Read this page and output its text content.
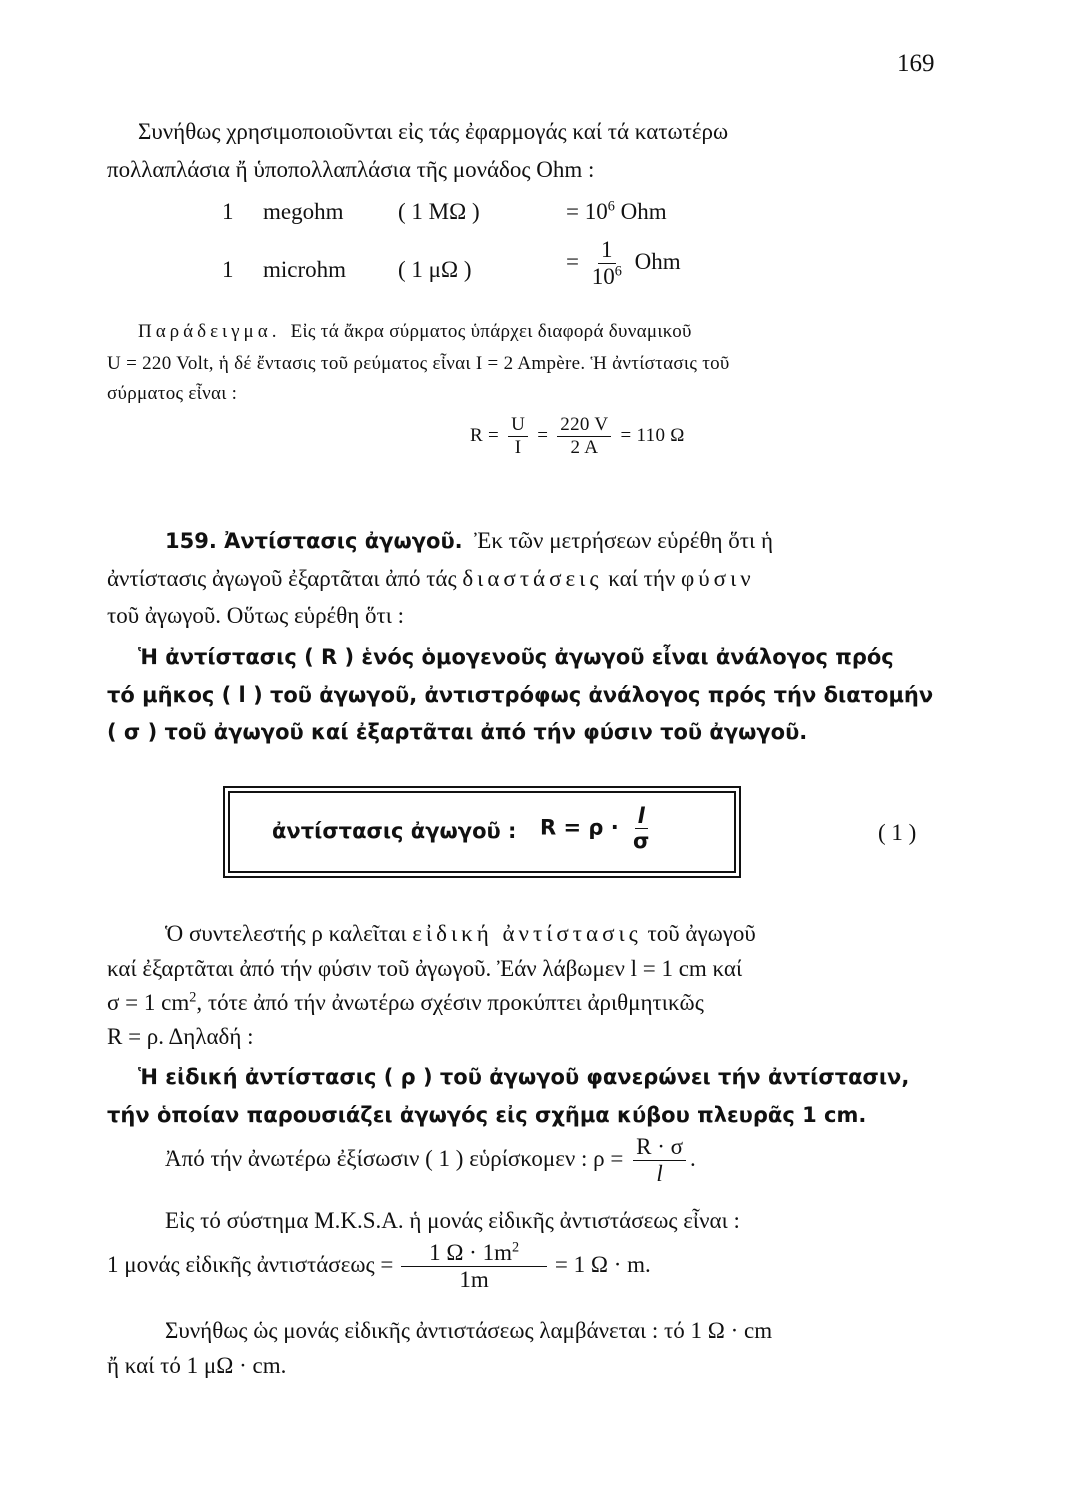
169
Συνήθως χρησιμοποιοῦνται εἰς τάς ἐφαρμογάς καί τά κατωτέρω
πολλαπλάσια ἤ ὑποπολλαπλάσια τῆς μονάδος Ohm :
1 megohm ( 1 MΩ )	= $10^6$ Ohm
1 microhm ( 1 μΩ )	= $\frac{1}{10^6}$ Ohm
Παράδειγμα. Εἰς τά ἄκρα σύρματος ὑπάρχει διαφορά δυναμικοῦ
U = 220 Volt, ἡ δέ ἔντασις τοῦ ρεύματος εἶναι I = 2 Ampère. Ἡ ἀντίστασις τοῦ
σύρματος εἶναι :
$R = \frac{U}{I} = \frac{220 V}{2 A} = 110$ Ω
159. Ἀντίστασις ἀγωγοῦ. Ἐκ τῶν μετρήσεων εὑρέθη ὅτι ἡ
ἀντίστασις ἀγωγοῦ ἐξαρτᾶται ἀπό τάς διαστάσεις καί τήν φύσιν
τοῦ ἀγωγοῦ. Οὕτως εὑρέθη ὅτι :
Ἡ ἀντίστασις ( R ) ἑνός ὁμογενοῦς ἀγωγοῦ εἶναι ἀνάλογος πρός
τό μῆκος ( l ) τοῦ ἀγωγοῦ, ἀντιστρόφως ἀνάλογος πρός τήν διατομήν
( σ ) τοῦ ἀγωγοῦ καί ἐξαρτᾶται ἀπό τήν φύσιν τοῦ ἀγωγοῦ.
ἀντίστασις ἀγωγοῦ : $R = \rho \cdot \frac{l}{\sigma}$	( 1 )
Ὁ συντελεστής ρ καλεῖται εἰδική ἀντίστασις τοῦ ἀγωγοῦ
καί ἐξαρτᾶται ἀπό τήν φύσιν τοῦ ἀγωγοῦ. Ἐάν λάβωμεν l = 1 cm καί
σ = 1 $cm^2$, τότε ἀπό τήν ἀνωτέρω σχέσιν προκύπτει ἀριθμητικῶς
R = ρ. Δηλαδή :
Ἡ εἰδική ἀντίστασις ( ρ ) τοῦ ἀγωγοῦ φανερώνει τήν ἀντίστασιν,
τήν ὁποίαν παρουσιάζει ἀγωγός εἰς σχῆμα κύβου πλευρᾶς 1 cm.
Ἀπό τήν ἀνωτέρω ἐξίσωσιν ( 1 ) εὑρίσκομεν : $\rho = \frac{R \cdot \sigma}{l}$ .
Εἰς τό σύστημα M.K.S.A. ἡ μονάς εἰδικῆς ἀντιστάσεως εἶναι :
1 μονάς εἰδικῆς ἀντιστάσεως = $\frac{1 \Omega \cdot 1m^2}{1m} = 1$ Ω · m.
Συνήθως ὡς μονάς εἰδικῆς ἀντιστάσεως λαμβάνεται : τό 1 Ω · cm
ἤ καί τό 1 μΩ · cm.
